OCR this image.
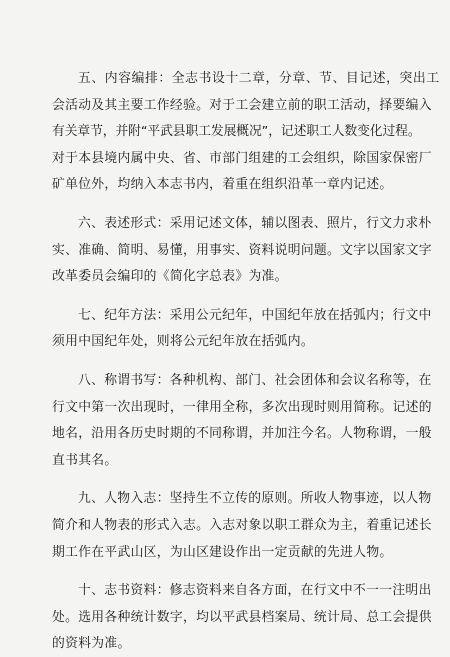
五、内容编排：全志书设十二章，分章、节、目记述，突出工
会活动及其主要工作经验。对于工会建立前的职工活动，择要编入
有关章节，并附“平武县职工发展概况”，记述职工人数变化过程。
对于本县境内属中央、省、市部门组建的工会组织，除国家保密厂
矿单位外，均纳入本志书内，着重在组织沿革一章内记述。
六、表述形式：采用记述文体，辅以图表、照片，行文力求朴
实、准确、简明、易懂，用事实、资料说明问题。文字以国家文字
改革委员会编印的《简化字总表》为准。
七、纪年方法：采用公元纪年，中国纪年放在括弧内；行文中
须用中国纪年处，则将公元纪年放在括弧内。
八、称谓书写：各种机构、部门、社会团体和会议名称等，在
行文中第一次出现时，一律用全称，多次出现时则用简称。记述的
地名，沿用各历史时期的不同称谓，并加注今名。人物称谓，一般
直书其名。
九、人物入志：坚持生不立传的原则。所收人物事迹，以人物
简介和人物表的形式入志。入志对象以职工群众为主，着重记述长
期工作在平武山区，为山区建设作出一定贡献的先进人物。
十、志书资料：修志资料来自各方面，在行文中不一一注明出
处。选用各种统计数字，均以平武县档案局、统计局、总工会提供
的资料为准。
